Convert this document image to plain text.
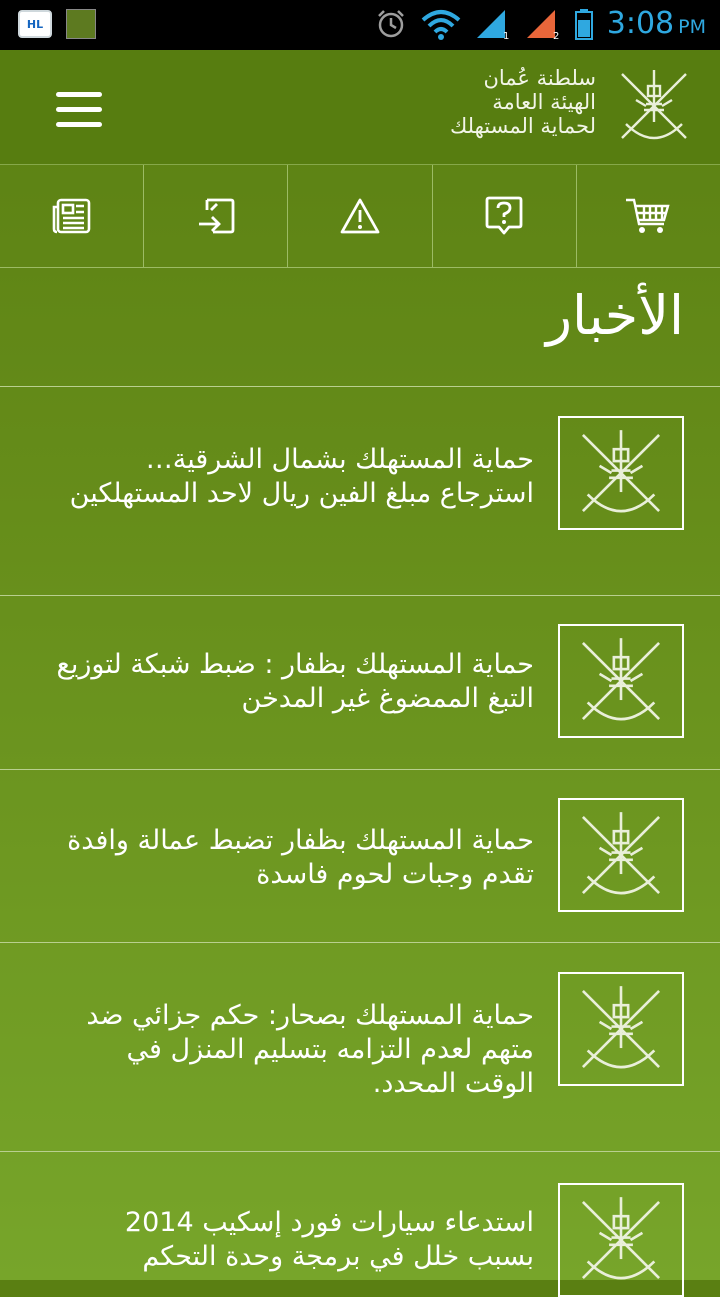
HL
1	2 3:08 PM
سلطنة عُمان
الهيئة العامة
لحماية المستهلك
الأخبار
حماية المستهلك بشمال الشرقية… استرجاع مبلغ الفين ريال لاحد المستهلكين
حماية المستهلك بظفار : ضبط شبكة لتوزيع التبغ الممضوغ غير المدخن
حماية المستهلك بظفار تضبط عمالة وافدة تقدم وجبات لحوم فاسدة
حماية المستهلك بصحار: حكم جزائي ضد متهم لعدم التزامه بتسليم المنزل في الوقت المحدد.
استدعاء سيارات فورد إسكيب 2014 بسبب خلل في برمجة وحدة التحكم
